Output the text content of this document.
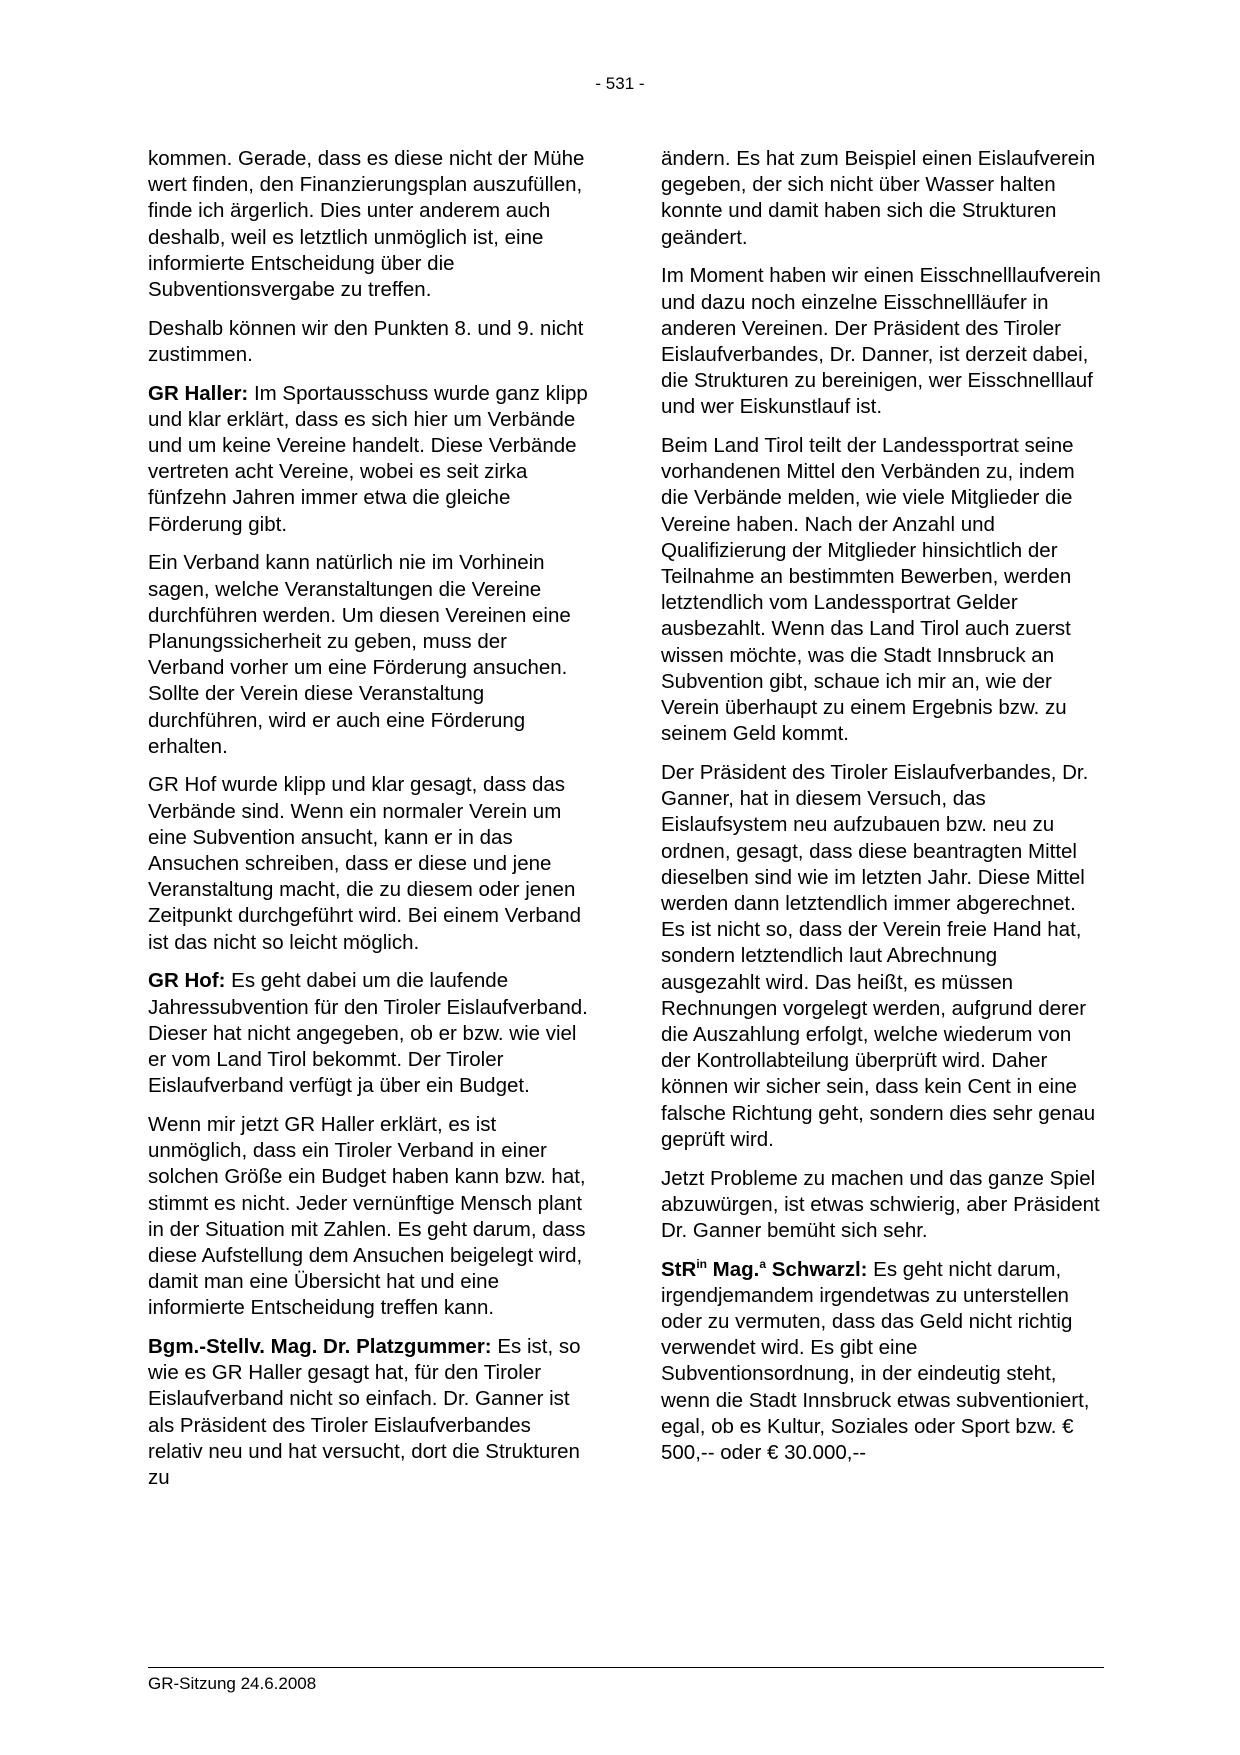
- 531 -

kommen. Gerade, dass es diese nicht der Mühe wert finden, den Finanzierungsplan auszufüllen, finde ich ärgerlich. Dies unter anderem auch deshalb, weil es letztlich unmöglich ist, eine informierte Entscheidung über die Subventionsvergabe zu treffen.

Deshalb können wir den Punkten 8. und 9. nicht zustimmen.

GR Haller: Im Sportausschuss wurde ganz klipp und klar erklärt, dass es sich hier um Verbände und um keine Vereine handelt. Diese Verbände vertreten acht Vereine, wobei es seit zirka fünfzehn Jahren immer etwa die gleiche Förderung gibt.

Ein Verband kann natürlich nie im Vorhinein sagen, welche Veranstaltungen die Vereine durchführen werden. Um diesen Vereinen eine Planungssicherheit zu geben, muss der Verband vorher um eine Förderung ansuchen. Sollte der Verein diese Veranstaltung durchführen, wird er auch eine Förderung erhalten.

GR Hof wurde klipp und klar gesagt, dass das Verbände sind. Wenn ein normaler Verein um eine Subvention ansucht, kann er in das Ansuchen schreiben, dass er diese und jene Veranstaltung macht, die zu diesem oder jenen Zeitpunkt durchgeführt wird. Bei einem Verband ist das nicht so leicht möglich.

GR Hof: Es geht dabei um die laufende Jahressubvention für den Tiroler Eislaufverband. Dieser hat nicht angegeben, ob er bzw. wie viel er vom Land Tirol bekommt. Der Tiroler Eislaufverband verfügt ja über ein Budget.

Wenn mir jetzt GR Haller erklärt, es ist unmöglich, dass ein Tiroler Verband in einer solchen Größe ein Budget haben kann bzw. hat, stimmt es nicht. Jeder vernünftige Mensch plant in der Situation mit Zahlen. Es geht darum, dass diese Aufstellung dem Ansuchen beigelegt wird, damit man eine Übersicht hat und eine informierte Entscheidung treffen kann.

Bgm.-Stellv. Mag. Dr. Platzgummer: Es ist, so wie es GR Haller gesagt hat, für den Tiroler Eislaufverband nicht so einfach. Dr. Ganner ist als Präsident des Tiroler Eislaufverbandes relativ neu und hat versucht, dort die Strukturen zu

ändern. Es hat zum Beispiel einen Eislaufverein gegeben, der sich nicht über Wasser halten konnte und damit haben sich die Strukturen geändert.

Im Moment haben wir einen Eisschnelllaufverein und dazu noch einzelne Eisschnellläufer in anderen Vereinen. Der Präsident des Tiroler Eislaufverbandes, Dr. Danner, ist derzeit dabei, die Strukturen zu bereinigen, wer Eisschnelllauf und wer Eiskunstlauf ist.

Beim Land Tirol teilt der Landessportrat seine vorhandenen Mittel den Verbänden zu, indem die Verbände melden, wie viele Mitglieder die Vereine haben. Nach der Anzahl und Qualifizierung der Mitglieder hinsichtlich der Teilnahme an bestimmten Bewerben, werden letztendlich vom Landessportrat Gelder ausbezahlt. Wenn das Land Tirol auch zuerst wissen möchte, was die Stadt Innsbruck an Subvention gibt, schaue ich mir an, wie der Verein überhaupt zu einem Ergebnis bzw. zu seinem Geld kommt.

Der Präsident des Tiroler Eislaufverbandes, Dr. Ganner, hat in diesem Versuch, das Eislaufsystem neu aufzubauen bzw. neu zu ordnen, gesagt, dass diese beantragten Mittel dieselben sind wie im letzten Jahr. Diese Mittel werden dann letztendlich immer abgerechnet. Es ist nicht so, dass der Verein freie Hand hat, sondern letztendlich laut Abrechnung ausgezahlt wird. Das heißt, es müssen Rechnungen vorgelegt werden, aufgrund derer die Auszahlung erfolgt, welche wiederum von der Kontrollabteilung überprüft wird. Daher können wir sicher sein, dass kein Cent in eine falsche Richtung geht, sondern dies sehr genau geprüft wird.

Jetzt Probleme zu machen und das ganze Spiel abzuwürgen, ist etwas schwierig, aber Präsident Dr. Ganner bemüht sich sehr.

StR$^{in}$ Mag.$^a$ Schwarzl: Es geht nicht darum, irgendjemandem irgendetwas zu unterstellen oder zu vermuten, dass das Geld nicht richtig verwendet wird. Es gibt eine Subventionsordnung, in der eindeutig steht, wenn die Stadt Innsbruck etwas subventioniert, egal, ob es Kultur, Soziales oder Sport bzw. € 500,-- oder € 30.000,--

GR-Sitzung 24.6.2008
